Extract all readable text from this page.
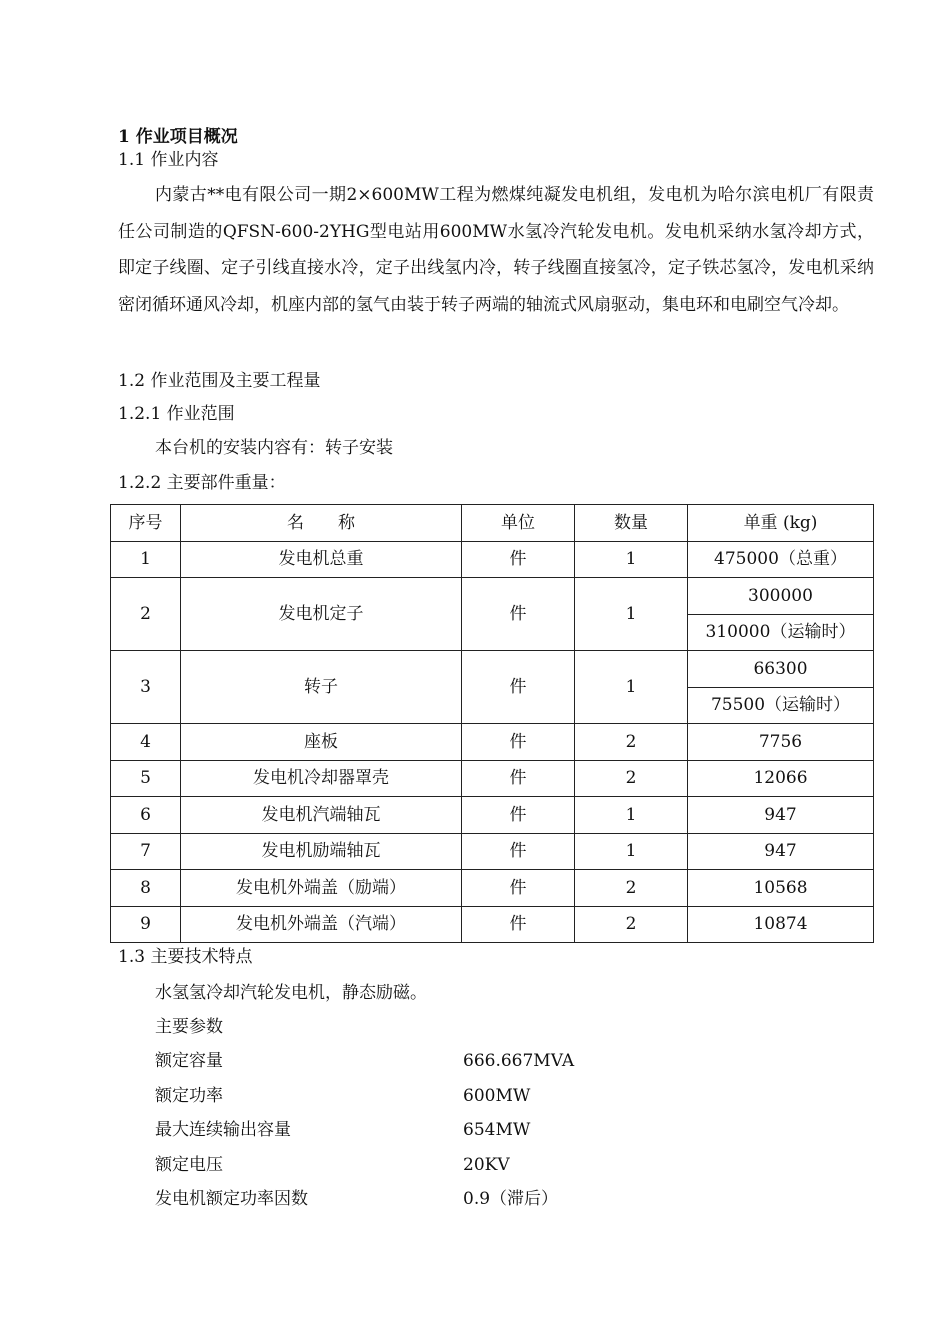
1 作业项目概况
1.1 作业内容
内蒙古**电有限公司一期2×600MW工程为燃煤纯凝发电机组，发电机为哈尔滨电机厂有限责任公司制造的QFSN-600-2YHG型电站用600MW水氢冷汽轮发电机。发电机采纳水氢冷却方式，即定子线圈、定子引线直接水冷，定子出线氢内冷，转子线圈直接氢冷，定子铁芯氢冷，发电机采纳密闭循环通风冷却，机座内部的氢气由装于转子两端的轴流式风扇驱动，集电环和电刷空气冷却。
1.2 作业范围及主要工程量
1.2.1 作业范围
本台机的安装内容有：转子安装
1.2.2 主要部件重量：
序号	名　　称	单位	数量	单重 (kg)
1	发电机总重	件	1	475000（总重）
2	发电机定子	件	1	300000
				310000（运输时）
3	转子	件	1	66300
				75500（运输时）
4	座板	件	2	7756
5	发电机冷却器罩壳	件	2	12066
6	发电机汽端轴瓦	件	1	947
7	发电机励端轴瓦	件	1	947
8	发电机外端盖（励端）	件	2	10568
9	发电机外端盖（汽端）	件	2	10874
1.3 主要技术特点
水氢氢冷却汽轮发电机，静态励磁。
主要参数
额定容量	666.667MVA
额定功率	600MW
最大连续输出容量	654MW
额定电压	20KV
发电机额定功率因数	0.9（滞后）
